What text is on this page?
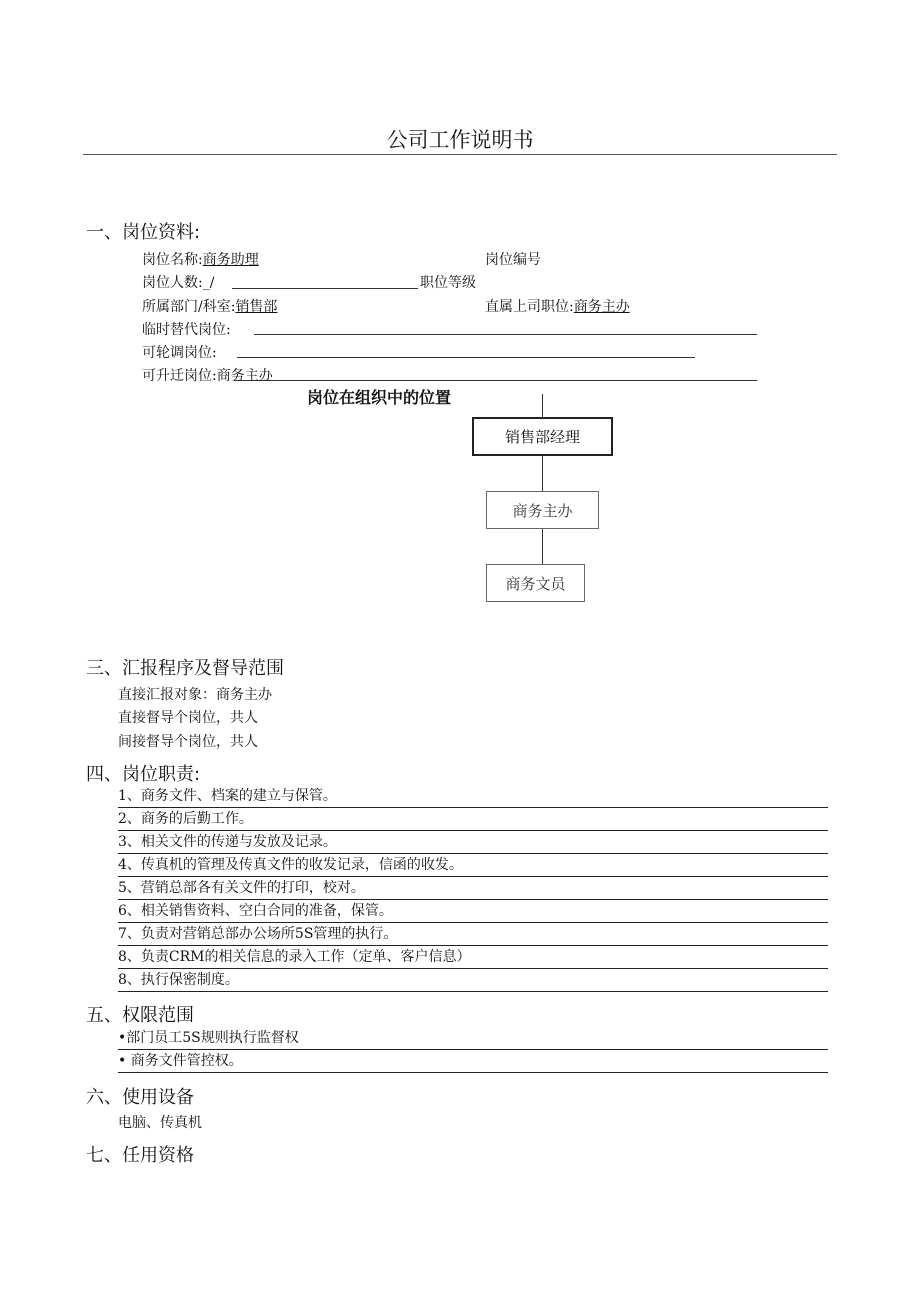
公司工作说明书
一、岗位资料:
岗位名称:商务助理	岗位编号
岗位人数:_/	职位等级
所属部门/科室:销售部	直属上司职位:商务主办
临时替代岗位:
可轮调岗位:
可升迁岗位:商务主办
岗位在组织中的位置
销售部经理
商务主办
商务文员
三、汇报程序及督导范围
直接汇报对象：商务主办
直接督导个岗位，共人
间接督导个岗位，共人
四、岗位职责:
1、商务文件、档案的建立与保管。
2、商务的后勤工作。
3、相关文件的传递与发放及记录。
4、传真机的管理及传真文件的收发记录，信函的收发。
5、营销总部各有关文件的打印，校对。
6、相关销售资料、空白合同的准备，保管。
7、负责对营销总部办公场所5S管理的执行。
8、负责CRM的相关信息的录入工作（定单、客户信息）
8、执行保密制度。
五、权限范围
•部门员工5S规则执行监督权
• 商务文件管控权。
六、使用设备
电脑、传真机
七、任用资格
